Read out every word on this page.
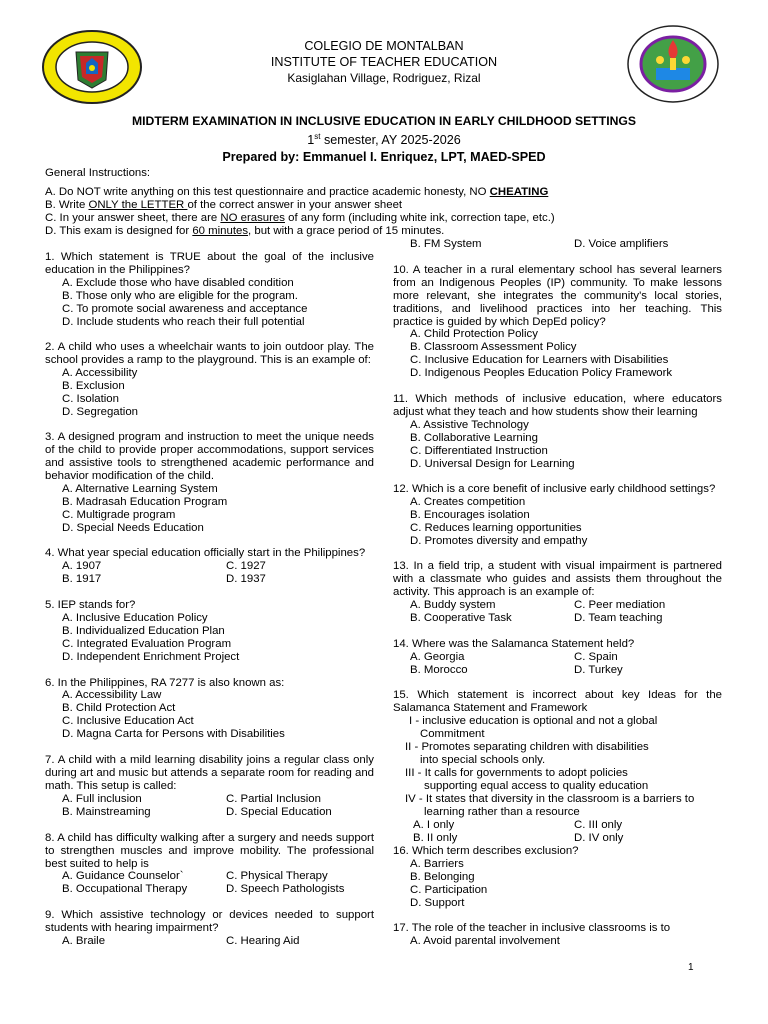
COLEGIO DE MONTALBAN
INSTITUTE OF TEACHER EDUCATION
Kasiglahan Village, Rodriguez, Rizal
MIDTERM EXAMINATION IN INCLUSIVE EDUCATION IN EARLY CHILDHOOD SETTINGS
1st semester, AY 2025-2026
Prepared by: Emmanuel I. Enriquez, LPT, MAED-SPED
General Instructions:
A. Do NOT write anything on this test questionnaire and practice academic honesty, NO CHEATING
B. Write ONLY the LETTER of the correct answer in your answer sheet
C. In your answer sheet, there are NO erasures of any form (including white ink, correction tape, etc.)
D. This exam is designed for 60 minutes, but with a grace period of 15 minutes.
1. Which statement is TRUE about the goal of the inclusive education in the Philippines?
A. Exclude those who have disabled condition
B. Those only who are eligible for the program.
C. To promote social awareness and acceptance
D. Include students who reach their full potential
2. A child who uses a wheelchair wants to join outdoor play. The school provides a ramp to the playground. This is an example of:
A. Accessibility
B. Exclusion
C. Isolation
D. Segregation
3. A designed program and instruction to meet the unique needs of the child to provide proper accommodations, support services and assistive tools to strengthened academic performance and behavior modification of the child.
A. Alternative Learning System
B. Madrasah Education Program
C. Multigrade program
D. Special Needs Education
4. What year special education officially start in the Philippines?
A. 1907	C. 1927
B. 1917	D. 1937
5. IEP stands for?
A. Inclusive Education Policy
B. Individualized Education Plan
C. Integrated Evaluation Program
D. Independent Enrichment Project
6. In the Philippines, RA 7277 is also known as:
A. Accessibility Law
B. Child Protection Act
C. Inclusive Education Act
D. Magna Carta for Persons with Disabilities
7. A child with a mild learning disability joins a regular class only during art and music but attends a separate room for reading and math. This setup is called:
A. Full inclusion	C. Partial Inclusion
B. Mainstreaming	D. Special Education
8. A child has difficulty walking after a surgery and needs support to strengthen muscles and improve mobility. The professional best suited to help is
A. Guidance Counselor`	C. Physical Therapy
B. Occupational Therapy	D. Speech Pathologists
9. Which assistive technology or devices needed to support students with hearing impairment?
A. Braile	C. Hearing Aid
B. FM System	D. Voice amplifiers
10. A teacher in a rural elementary school has several learners from an Indigenous Peoples (IP) community. To make lessons more relevant, she integrates the community's local stories, traditions, and livelihood practices into her teaching. This practice is guided by which DepEd policy?
A. Child Protection Policy
B. Classroom Assessment Policy
C. Inclusive Education for Learners with Disabilities
D. Indigenous Peoples Education Policy Framework
11. Which methods of inclusive education, where educators adjust what they teach and how students show their learning
A. Assistive Technology
B. Collaborative Learning
C. Differentiated Instruction
D. Universal Design for Learning
12. Which is a core benefit of inclusive early childhood settings?
A. Creates competition
B. Encourages isolation
C. Reduces learning opportunities
D. Promotes diversity and empathy
13. In a field trip, a student with visual impairment is partnered with a classmate who guides and assists them throughout the activity. This approach is an example of:
A. Buddy system	C. Peer mediation
B. Cooperative Task	D. Team teaching
14. Where was the Salamanca Statement held?
A. Georgia	C. Spain
B. Morocco	D. Turkey
15. Which statement is incorrect about key Ideas for the Salamanca Statement and Framework
I - inclusive education is optional and not a global
Commitment
II - Promotes separating children with disabilities
into special schools only.
III - It calls for governments to adopt policies
supporting equal access to quality education
IV - It states that diversity in the classroom is a barriers to
learning rather than a resource
A. I only	C. III only
B. II only	D. IV only
16. Which term describes exclusion?
A. Barriers
B. Belonging
C. Participation
D. Support
17. The role of the teacher in inclusive classrooms is to
A. Avoid parental involvement
1
